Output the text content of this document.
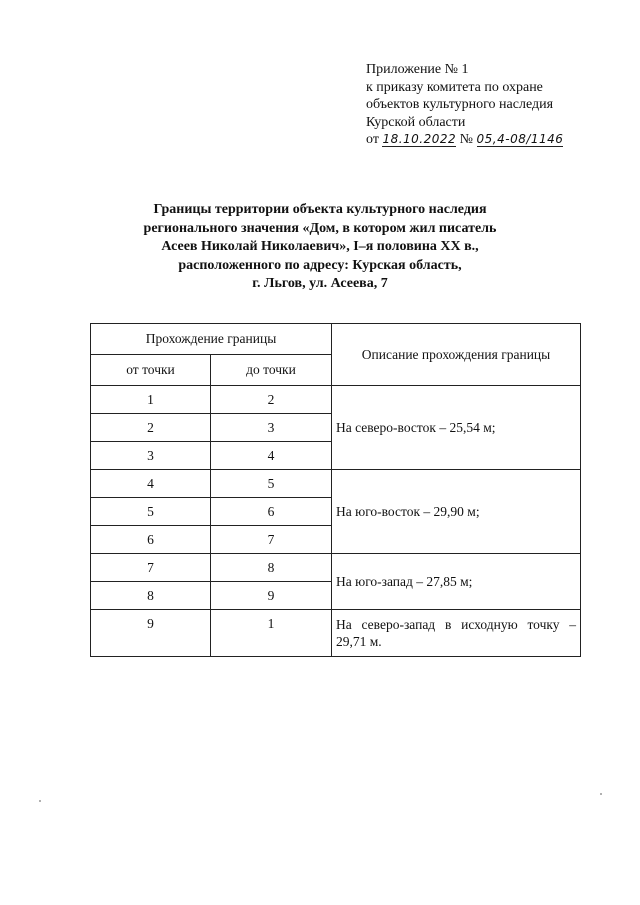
Приложение № 1
к приказу комитета по охране
объектов культурного наследия
Курской области
от 18.10.2022 № 05,4-08/1146
Границы территории объекта культурного наследия
регионального значения «Дом, в котором жил писатель
Асеев Николай Николаевич», I–я половина XX в.,
расположенного по адресу: Курская область,
г. Льгов, ул. Асеева, 7
Прохождение границы		Описание прохождения границы
от точки	до точки	
1	2	На северо-восток – 25,54 м;
2	3	
3	4	
4	5	На юго-восток – 29,90 м;
5	6	
6	7	
7	8	На юго-запад – 27,85 м;
8	9	
9	1	На северо-запад в исходную точку – 29,71 м.
